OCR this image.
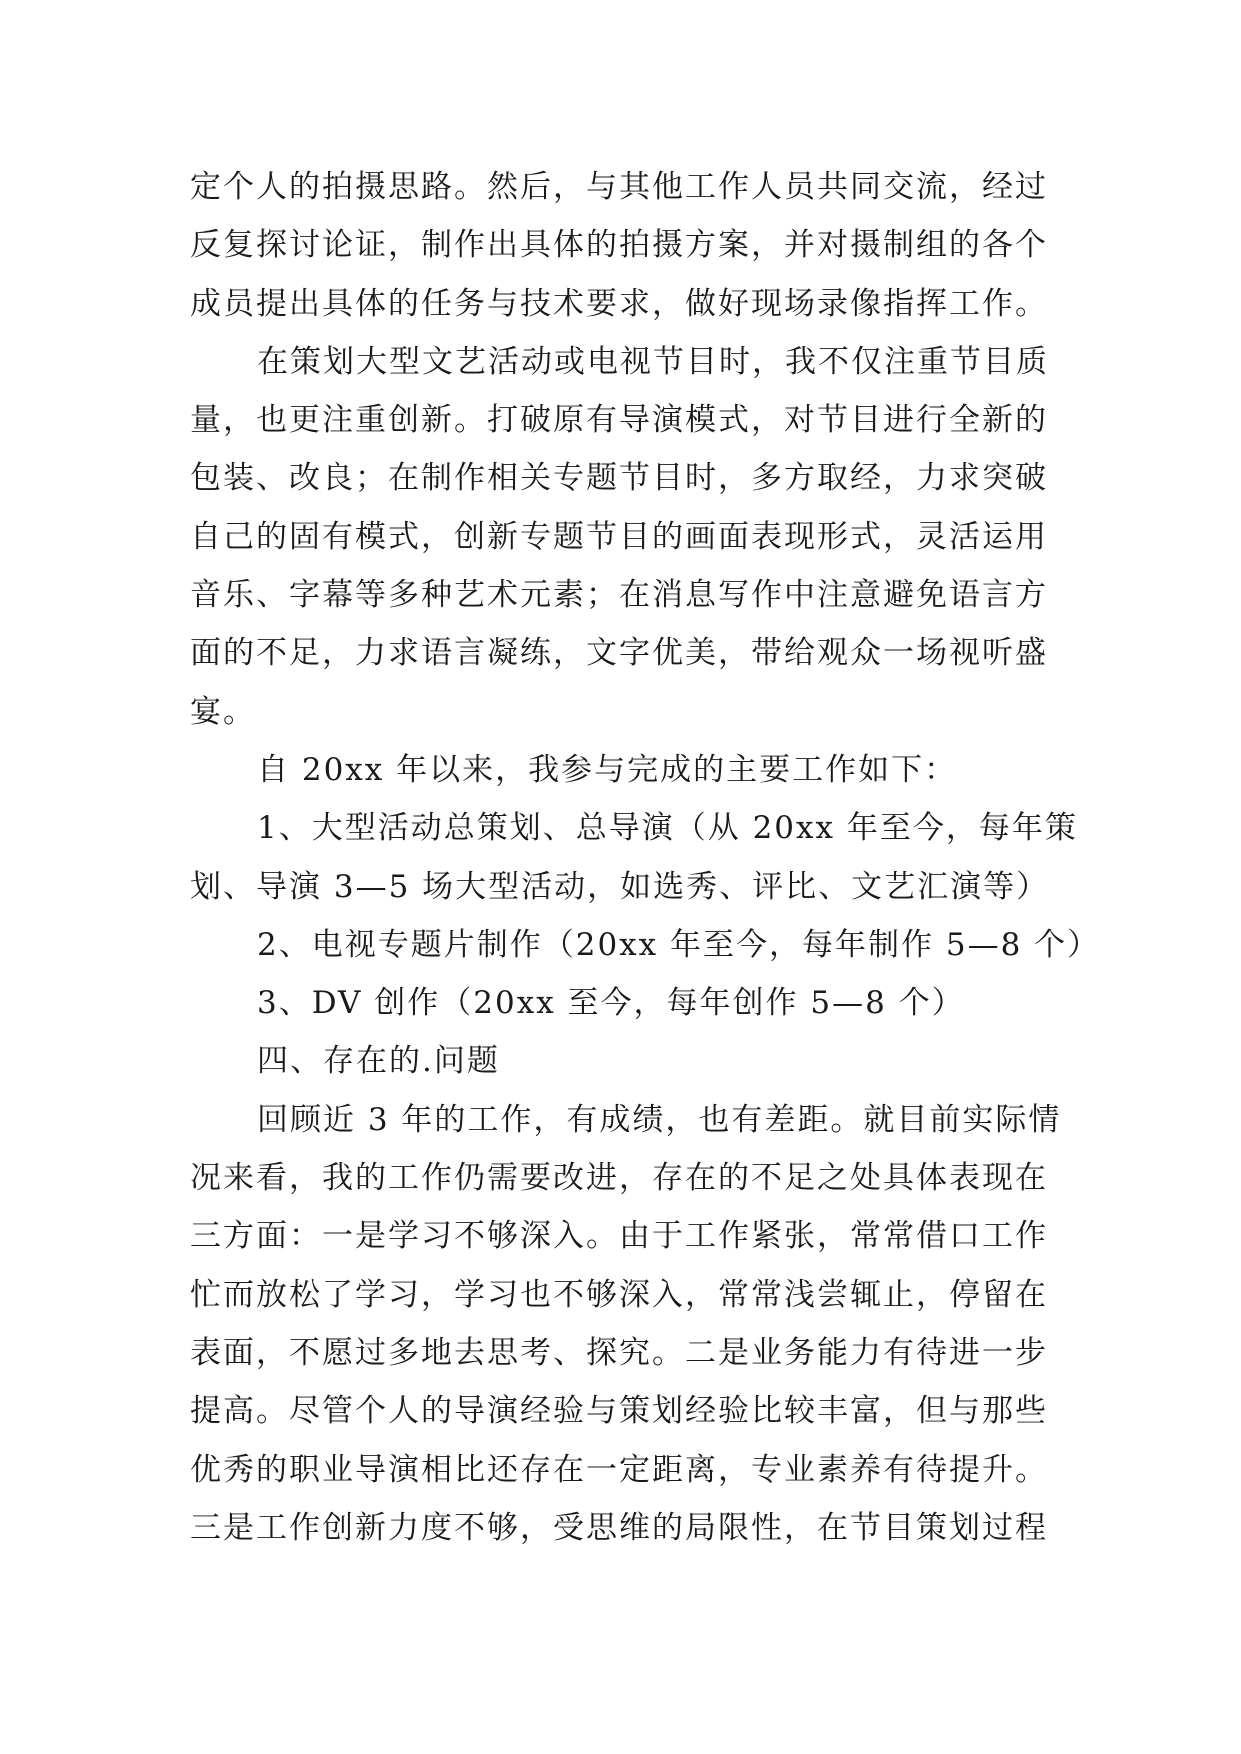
定个人的拍摄思路。然后，与其他工作人员共同交流，经过
反复探讨论证，制作出具体的拍摄方案，并对摄制组的各个
成员提出具体的任务与技术要求，做好现场录像指挥工作。
在策划大型文艺活动或电视节目时，我不仅注重节目质
量，也更注重创新。打破原有导演模式，对节目进行全新的
包装、改良；在制作相关专题节目时，多方取经，力求突破
自己的固有模式，创新专题节目的画面表现形式，灵活运用
音乐、字幕等多种艺术元素；在消息写作中注意避免语言方
面的不足，力求语言凝练，文字优美，带给观众一场视听盛
宴。
自 20xx 年以来，我参与完成的主要工作如下：
1、大型活动总策划、总导演（从 20xx 年至今，每年策
划、导演 3—5 场大型活动，如选秀、评比、文艺汇演等）
2、电视专题片制作（20xx 年至今，每年制作 5—8 个）
3、DV 创作（20xx 至今，每年创作 5—8 个）
四、存在的.问题
回顾近 3 年的工作，有成绩，也有差距。就目前实际情
况来看，我的工作仍需要改进，存在的不足之处具体表现在
三方面：一是学习不够深入。由于工作紧张，常常借口工作
忙而放松了学习，学习也不够深入，常常浅尝辄止，停留在
表面，不愿过多地去思考、探究。二是业务能力有待进一步
提高。尽管个人的导演经验与策划经验比较丰富，但与那些
优秀的职业导演相比还存在一定距离，专业素养有待提升。
三是工作创新力度不够，受思维的局限性，在节目策划过程
